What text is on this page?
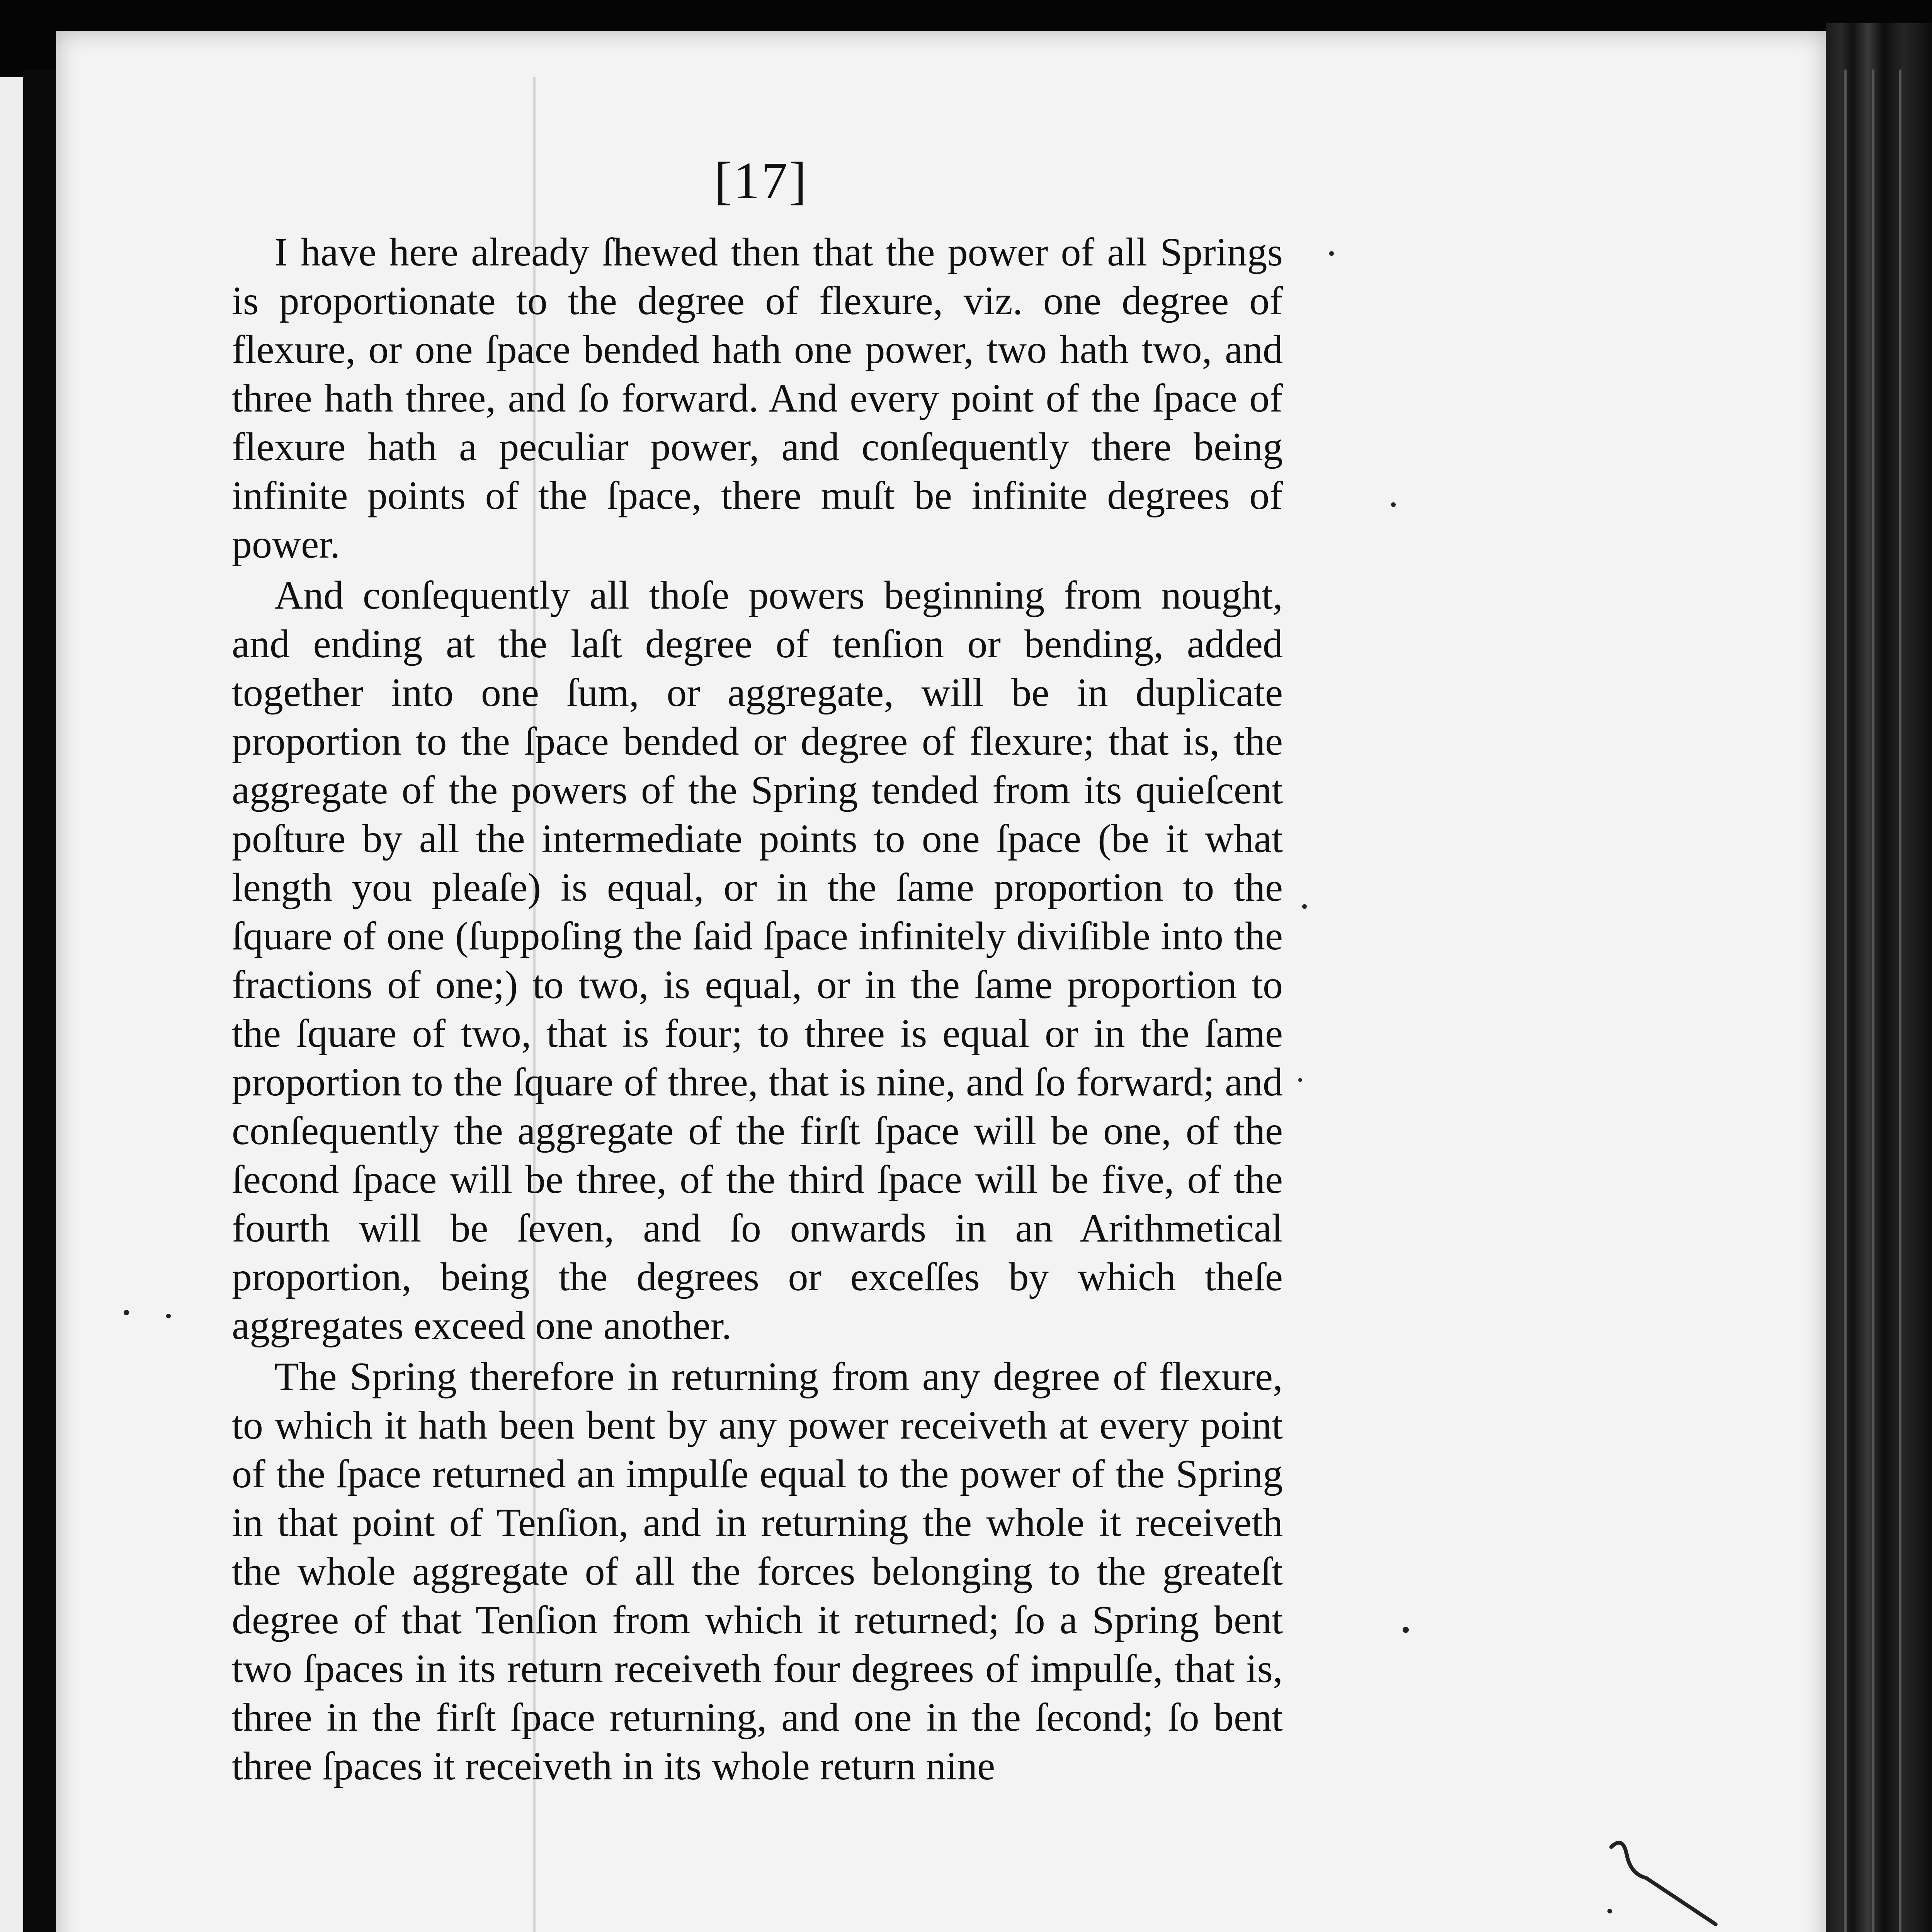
[17]

I have here already ſhewed then that the power of all Springs is proportionate to the degree of flexure, viz. one degree of flexure, or one ſpace bended hath one power, two hath two, and three hath three, and ſo forward. And every point of the ſpace of flexure hath a peculiar power, and conſequently there being infinite points of the ſpace, there muſt be infinite degrees of power.

And conſequently all thoſe powers beginning from nought, and ending at the laſt degree of tenſion or bending, added together into one ſum, or aggregate, will be in duplicate proportion to the ſpace bended or degree of flexure; that is, the aggregate of the powers of the Spring tended from its quieſcent poſture by all the intermediate points to one ſpace (be it what length you pleaſe) is equal, or in the ſame proportion to the ſquare of one (ſuppoſing the ſaid ſpace infinitely diviſible into the fractions of one;) to two, is equal, or in the ſame proportion to the ſquare of two, that is four; to three is equal or in the ſame proportion to the ſquare of three, that is nine, and ſo forward; and conſequently the aggregate of the firſt ſpace will be one, of the ſecond ſpace will be three, of the third ſpace will be five, of the fourth will be ſeven, and ſo onwards in an Arithmetical proportion, being the degrees or exceſſes by which theſe aggregates exceed one another.

The Spring therefore in returning from any degree of flexure, to which it hath been bent by any power receiveth at every point of the ſpace returned an impulſe equal to the power of the Spring in that point of Tenſion, and in returning the whole it receiveth the whole aggregate of all the forces belonging to the greateſt degree of that Tenſion from which it returned; ſo a Spring bent two ſpaces in its return receiveth four degrees of impulſe, that is, three in the firſt ſpace returning, and one in the ſecond; ſo bent three ſpaces it receiveth in its whole return nine
